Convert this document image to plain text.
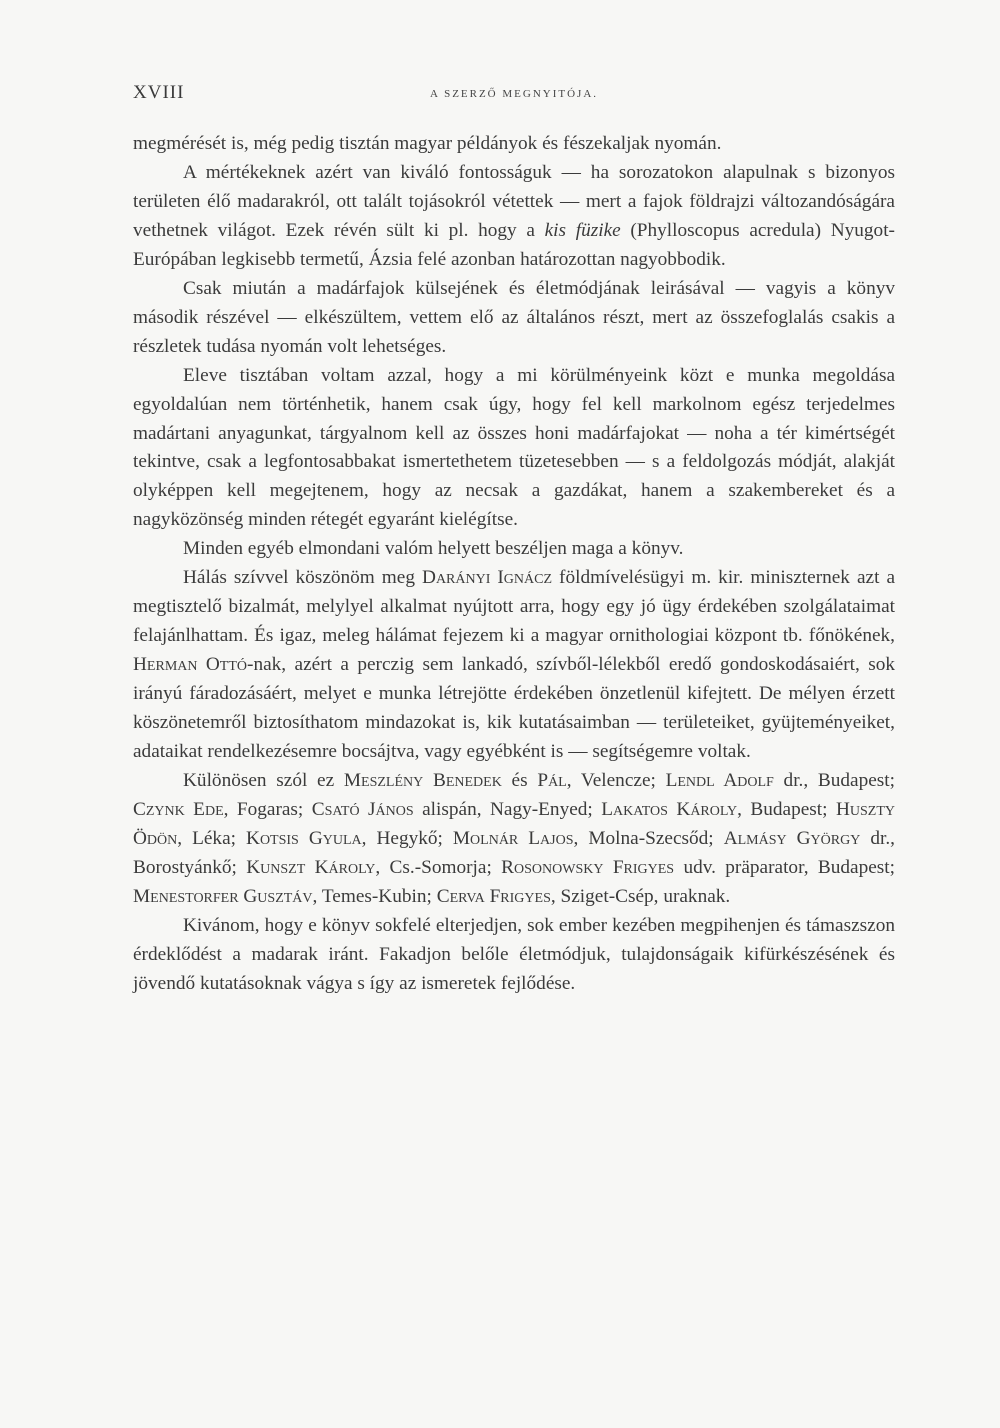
XVIII	A SZERZŐ MEGNYITÓJA.

megmérését is, még pedig tisztán magyar példányok és fészekaljak nyomán.

A mértékeknek azért van kiváló fontosságuk — ha sorozatokon alapulnak s bizonyos területen élő madarakról, ott talált tojásokról vétettek — mert a fajok földrajzi változandóságára vethetnek világot. Ezek révén sült ki pl. hogy a kis füzike (Phylloscopus acredula) Nyugot-Európában legkisebb termetű, Ázsia felé azonban határozottan nagyobbodik.

Csak miután a madárfajok külsejének és életmódjának leirásával — vagyis a könyv második részével — elkészültem, vettem elő az általános részt, mert az összefoglalás csakis a részletek tudása nyomán volt lehetséges.

Eleve tisztában voltam azzal, hogy a mi körülményeink közt e munka megoldása egyoldalúan nem történhetik, hanem csak úgy, hogy fel kell markolnom egész terjedelmes madártani anyagunkat, tárgyalnom kell az összes honi madárfajokat — noha a tér kimértségét tekintve, csak a legfontosabbakat ismertethetem tüzetesebben — s a feldolgozás módját, alakját olyképpen kell megejtenem, hogy az necsak a gazdákat, hanem a szakembereket és a nagyközönség minden rétegét egyaránt kielégítse.

Minden egyéb elmondani valóm helyett beszéljen maga a könyv.

Hálás szívvel köszönöm meg Darányi Ignácz földmívelésügyi m. kir. miniszternek azt a megtisztelő bizalmát, melylyel alkalmat nyújtott arra, hogy egy jó ügy érdekében szolgálataimat felajánlhattam. És igaz, meleg hálámat fejezem ki a magyar ornithologiai központ tb. főnökének, Herman Ottó-nak, azért a perczig sem lankadó, szívből-lélekből eredő gondoskodásaiért, sok irányú fáradozásáért, melyet e munka létrejötte érdekében önzetlenül kifejtett. De mélyen érzett köszönetemről biztosíthatom mindazokat is, kik kutatásaimban — területeiket, gyüjteményeiket, adataikat rendelkezésemre bocsájtva, vagy egyébként is — segítségemre voltak.

Különösen szól ez Meszlény Benedek és Pál, Velencze; Lendl Adolf dr., Budapest; Czynk Ede, Fogaras; Csató János alispán, Nagy-Enyed; Lakatos Károly, Budapest; Huszty Ödön, Léka; Kotsis Gyula, Hegykő; Molnár Lajos, Molna-Szecsőd; Almásy György dr., Borostyánkő; Kunszt Károly, Cs.-Somorja; Rosonowsky Frigyes udv. präparator, Budapest; Menestorfer Gusztáv, Temes-Kubin; Cerva Frigyes, Sziget-Csép, uraknak.

Kivánom, hogy e könyv sokfelé elterjedjen, sok ember kezében megpihenjen és támaszszon érdeklődést a madarak iránt. Fakadjon belőle életmódjuk, tulajdonságaik kifürkészésének és jövendő kutatásoknak vágya s így az ismeretek fejlődése.
